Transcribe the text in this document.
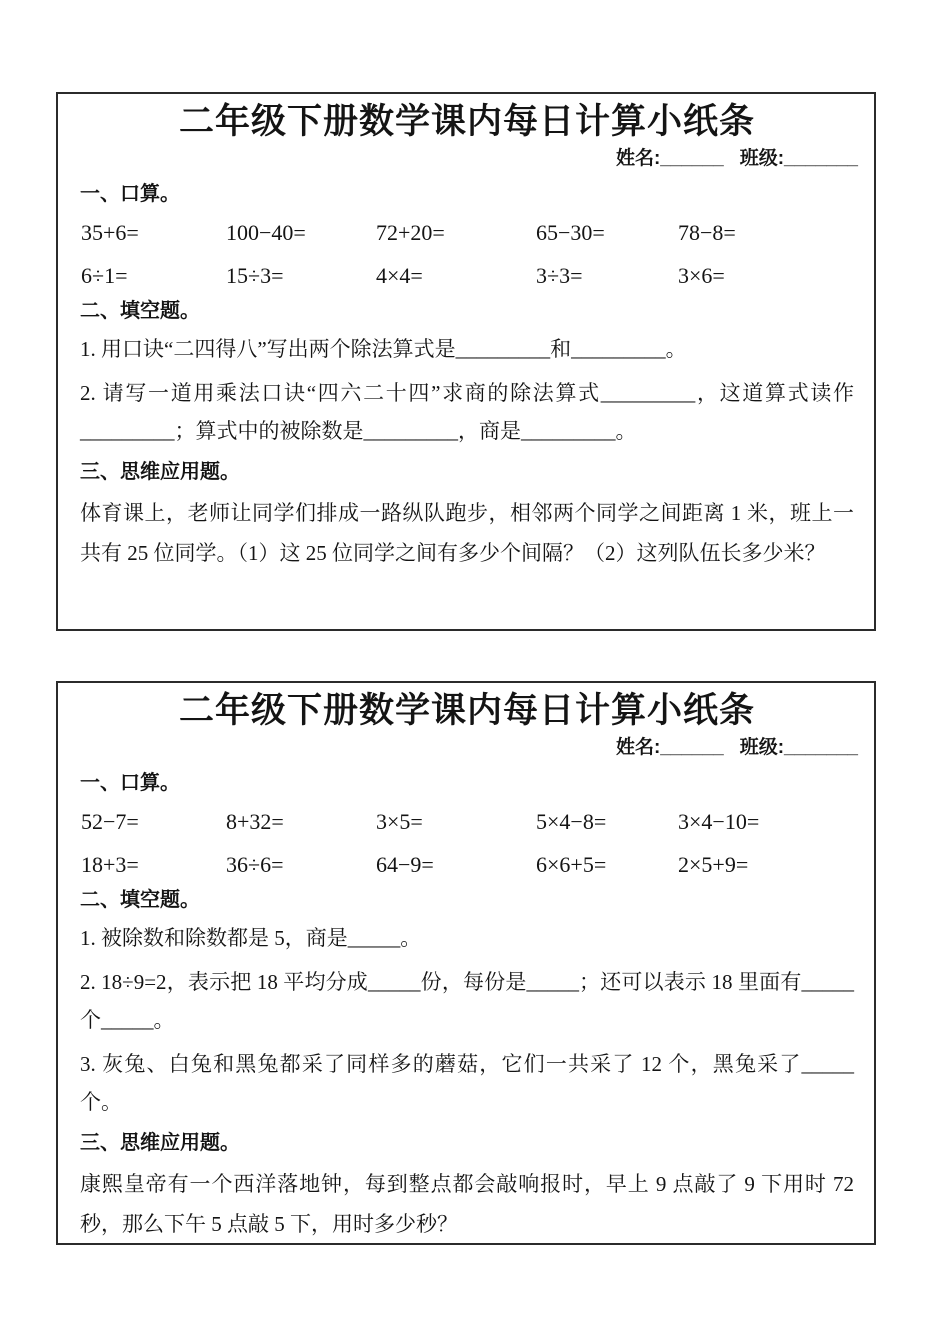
二年级下册数学课内每日计算小纸条
姓名:______ 班级:_______
一、口算。
35+6=	100−40=	72+20=	65−30=	78−8=
6÷1=	15÷3=	4×4=	3÷3=	3×6=
二、填空题。

1. 用口诀“二四得八”写出两个除法算式是_________和_________。

2. 请写一道用乘法口诀“四六二十四”求商的除法算式_________，这道算式读作_________；算式中的被除数是_________，商是_________。

三、思维应用题。

体育课上，老师让同学们排成一路纵队跑步，相邻两个同学之间距离 1 米，班上一共有 25 位同学。（1）这 25 位同学之间有多少个间隔？（2）这列队伍长多少米？

二年级下册数学课内每日计算小纸条
姓名:______ 班级:_______
一、口算。
52−7=	8+32=	3×5=	5×4−8=	3×4−10=
18+3=	36÷6=	64−9=	6×6+5=	2×5+9=
二、填空题。

1. 被除数和除数都是 5，商是_____。

2. 18÷9=2，表示把 18 平均分成_____份，每份是_____；还可以表示 18 里面有_____个_____。

3. 灰兔、白兔和黑兔都采了同样多的蘑菇，它们一共采了 12 个，黑兔采了_____个。

三、思维应用题。

康熙皇帝有一个西洋落地钟，每到整点都会敲响报时，早上 9 点敲了 9 下用时 72 秒，那么下午 5 点敲 5 下，用时多少秒？
